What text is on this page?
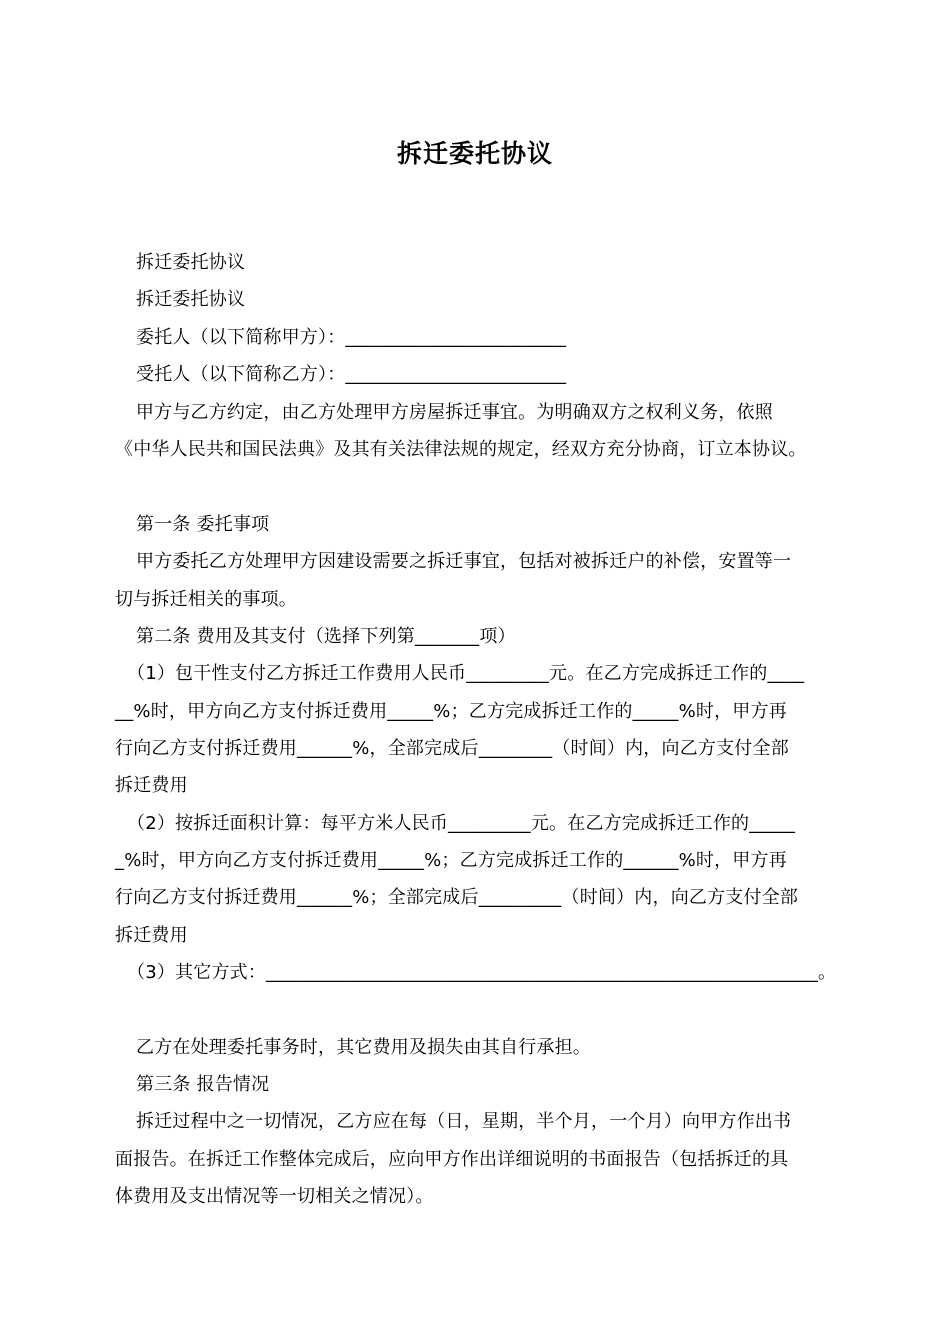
拆迁委托协议
拆迁委托协议
拆迁委托协议
委托人（以下简称甲方）：________________________
受托人（以下简称乙方）：________________________
甲方与乙方约定，由乙方处理甲方房屋拆迁事宜。为明确双方之权利义务，依照
《中华人民共和国民法典》及其有关法律法规的规定，经双方充分协商，订立本协议。
第一条 委托事项
甲方委托乙方处理甲方因建设需要之拆迁事宜，包括对被拆迁户的补偿，安置等一
切与拆迁相关的事项。
第二条 费用及其支付（选择下列第_______项）
（1）包干性支付乙方拆迁工作费用人民币_________元。在乙方完成拆迁工作的____
__%时，甲方向乙方支付拆迁费用_____%；乙方完成拆迁工作的_____%时，甲方再
行向乙方支付拆迁费用______%，全部完成后________（时间）内，向乙方支付全部
拆迁费用
（2）按拆迁面积计算：每平方米人民币_________元。在乙方完成拆迁工作的_____
_%时，甲方向乙方支付拆迁费用_____%；乙方完成拆迁工作的______%时，甲方再
行向乙方支付拆迁费用______%；全部完成后_________（时间）内，向乙方支付全部
拆迁费用
（3）其它方式：____________________________________________________________。
乙方在处理委托事务时，其它费用及损失由其自行承担。
第三条 报告情况
拆迁过程中之一切情况，乙方应在每（日，星期，半个月，一个月）向甲方作出书
面报告。在拆迁工作整体完成后，应向甲方作出详细说明的书面报告（包括拆迁的具
体费用及支出情况等一切相关之情况）。
